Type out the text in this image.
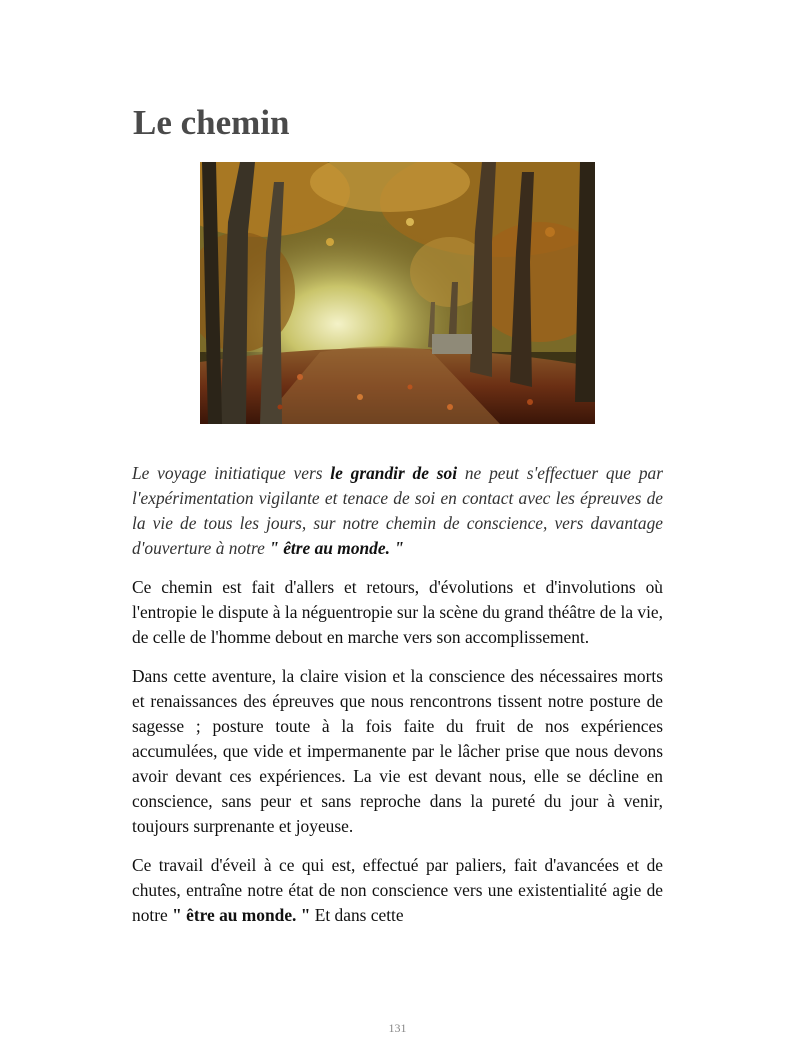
Le chemin

Le voyage initiatique vers le grandir de soi ne peut s'effectuer que par l'expérimentation vigilante et tenace de soi en contact avec les épreuves de la vie de tous les jours, sur notre chemin de conscience, vers davantage d'ouverture à notre " être au monde. "

Ce chemin est fait d'allers et retours, d'évolutions et d'involutions où l'entropie le dispute à la néguentropie sur la scène du grand théâtre de la vie, de celle de l'homme debout en marche vers son accomplissement.

Dans cette aventure, la claire vision et la conscience des nécessaires morts et renaissances des épreuves que nous rencontrons tissent notre posture de sagesse ; posture toute à la fois faite du fruit de nos expériences accumulées, que vide et impermanente par le lâcher prise que nous devons avoir devant ces expériences. La vie est devant nous, elle se décline en conscience, sans peur et sans reproche dans la pureté du jour à venir, toujours surprenante et joyeuse.

Ce travail d'éveil à ce qui est, effectué par paliers, fait d'avancées et de chutes, entraîne notre état de non conscience vers une existentialité agie de notre " être au monde. " Et dans cette

131
